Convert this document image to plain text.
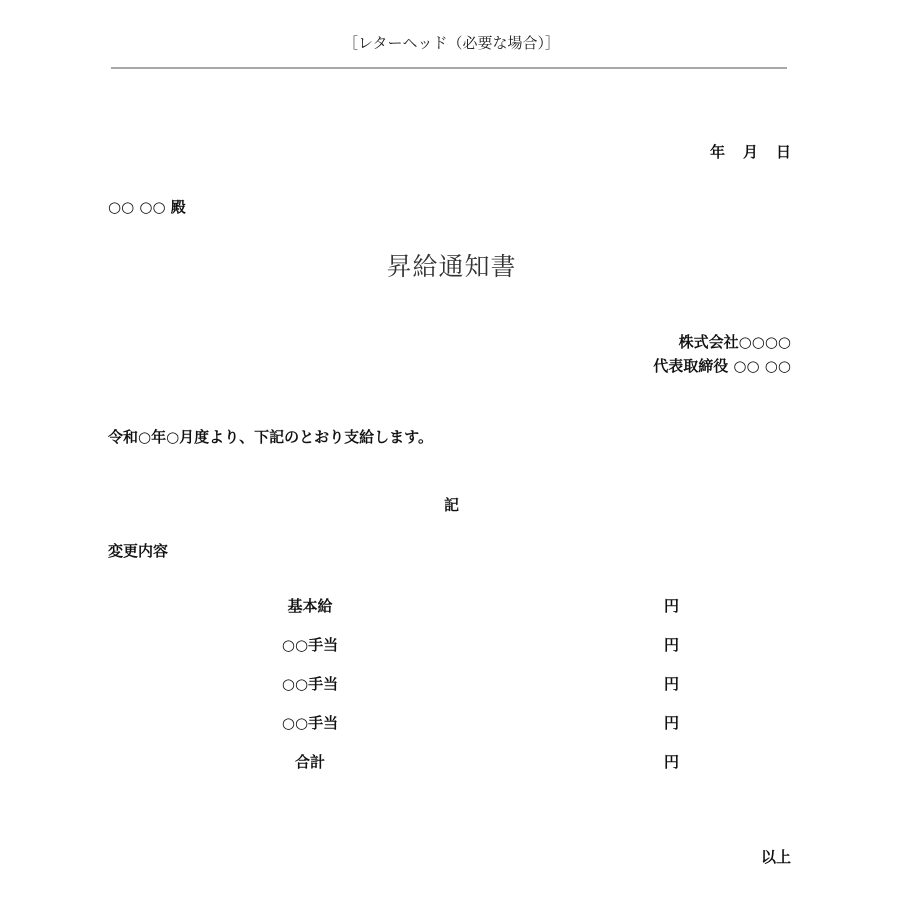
［レターヘッド（必要な場合）］
年 月 日
○○ ○○ 殿
昇給通知書
株式会社○○○○
代表取締役 ○○ ○○
令和○年○月度より、下記のとおり支給します。
記
変更内容
基本給	円
○○手当	円
○○手当	円
○○手当	円
合計	円
以上
